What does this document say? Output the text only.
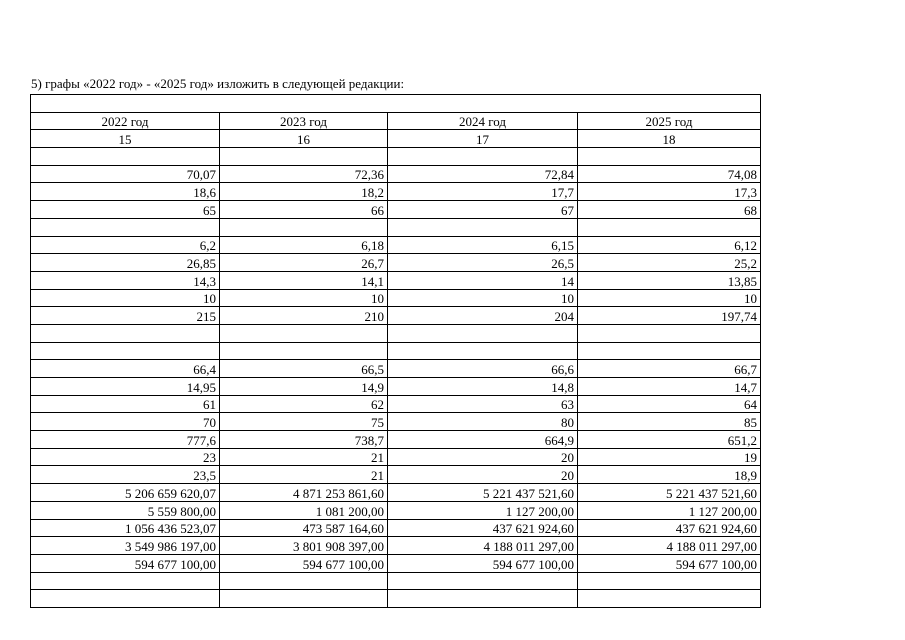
5) графы «2022 год» - «2025 год» изложить в следующей редакции:

2022 год	2023 год	2024 год	2025 год
15	16	17	18

70,07	72,36	72,84	74,08
18,6	18,2	17,7	17,3
65	66	67	68

6,2	6,18	6,15	6,12
26,85	26,7	26,5	25,2
14,3	14,1	14	13,85
10	10	10	10
215	210	204	197,74

66,4	66,5	66,6	66,7
14,95	14,9	14,8	14,7
61	62	63	64
70	75	80	85
777,6	738,7	664,9	651,2
23	21	20	19
23,5	21	20	18,9
5 206 659 620,07	4 871 253 861,60	5 221 437 521,60	5 221 437 521,60
5 559 800,00	1 081 200,00	1 127 200,00	1 127 200,00
1 056 436 523,07	473 587 164,60	437 621 924,60	437 621 924,60
3 549 986 197,00	3 801 908 397,00	4 188 011 297,00	4 188 011 297,00
594 677 100,00	594 677 100,00	594 677 100,00	594 677 100,00
